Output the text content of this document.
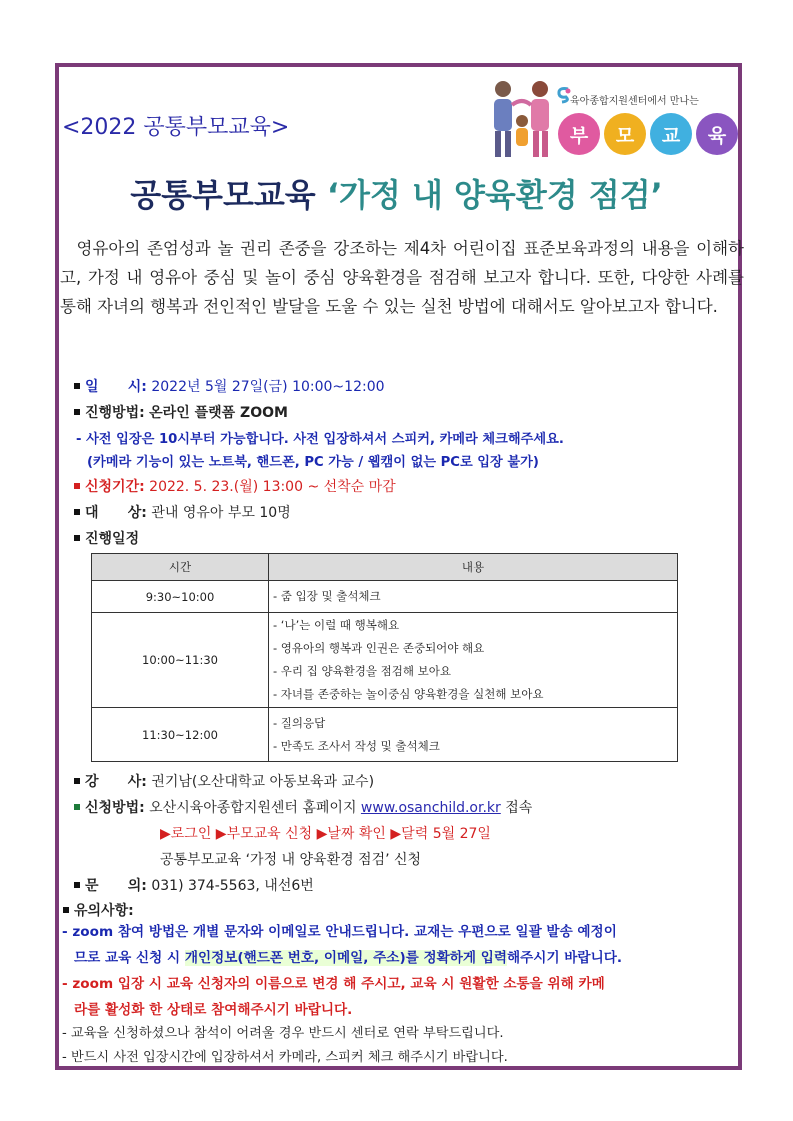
<2022 공통부모교육>
육아종합지원센터에서 만나는
부	모	교	육
공통부모교육 ‘가정 내 양육환경 점검’
영유아의 존엄성과 놀 권리 존중을 강조하는 제4차 어린이집 표준보육과정의 내용을 이해하고, 가정 내 영유아 중심 및 놀이 중심 양육환경을 점검해 보고자 합니다. 또한, 다양한 사례를 통해 자녀의 행복과 전인적인 발달을 도울 수 있는 실천 방법에 대해서도 알아보고자 합니다.
일      시: 2022년 5월 27일(금) 10:00~12:00
진행방법: 온라인 플랫폼 ZOOM
- 사전 입장은 10시부터 가능합니다. 사전 입장하셔서 스피커, 카메라 체크해주세요.
(카메라 기능이 있는 노트북, 핸드폰, PC 가능 / 웹캠이 없는 PC로 입장 불가)
신청기간: 2022. 5. 23.(월) 13:00 ~ 선착순 마감
대      상: 관내 영유아 부모 10명
진행일정
시간	내용
9:30~10:00	- 줌 입장 및 출석체크

10:00~11:30	- ‘나’는 이럴 때 행복해요
- 영유아의 행복과 인권은 존중되어야 해요
- 우리 집 양육환경을 점검해 보아요
- 자녀를 존중하는 놀이중심 양육환경을 실천해 보아요

11:30~12:00	- 질의응답
- 만족도 조사서 작성 및 출석체크
강      사: 권기남(오산대학교 아동보육과 교수)
신청방법: 오산시육아종합지원센터 홈페이지 www.osanchild.or.kr 접속
▶로그인 ▶부모교육 신청 ▶날짜 확인 ▶달력 5월 27일
공통부모교육 ‘가정 내 양육환경 점검’ 신청
문      의: 031) 374-5563, 내선6번
유의사항:
- zoom 참여 방법은 개별 문자와 이메일로 안내드립니다. 교재는 우편으로 일괄 발송 예정이
므로 교육 신청 시 개인정보(핸드폰 번호, 이메일, 주소)를 정확하게 입력해주시기 바랍니다.
- zoom 입장 시 교육 신청자의 이름으로 변경 해 주시고, 교육 시 원활한 소통을 위해 카메
라를 활성화 한 상태로 참여해주시기 바랍니다.
- 교육을 신청하셨으나 참석이 어려울 경우 반드시 센터로 연락 부탁드립니다.
- 반드시 사전 입장시간에 입장하셔서 카메라, 스피커 체크 해주시기 바랍니다.
